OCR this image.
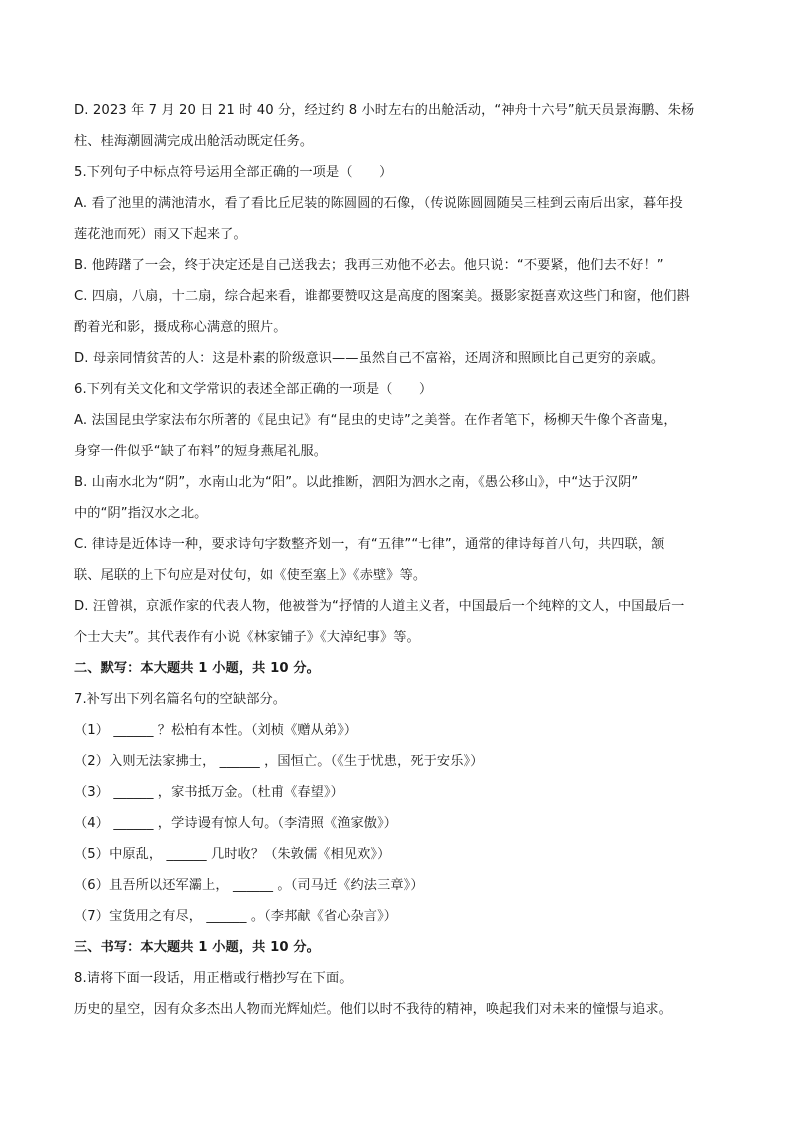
D. 2023 年 7 月 20 日 21 时 40 分，经过约 8 小时左右的出舱活动，“神舟十六号”航天员景海鹏、朱杨
柱、桂海潮圆满完成出舱活动既定任务。
5.下列句子中标点符号运用全部正确的一项是（　　）
A. 看了池里的满池清水，看了看比丘尼装的陈圆圆的石像，（传说陈圆圆随吴三桂到云南后出家，暮年投
莲花池而死）雨又下起来了。
B. 他踌躇了一会，终于决定还是自己送我去；我再三劝他不必去。他只说：“不要紧，他们去不好！”
C. 四扇，八扇，十二扇，综合起来看，谁都要赞叹这是高度的图案美。摄影家挺喜欢这些门和窗，他们斟
酌着光和影，摄成称心满意的照片。
D. 母亲同情贫苦的人：这是朴素的阶级意识——虽然自己不富裕，还周济和照顾比自己更穷的亲戚。
6.下列有关文化和文学常识的表述全部正确的一项是（　　）
A. 法国昆虫学家法布尔所著的《昆虫记》有“昆虫的史诗”之美誉。在作者笔下，杨柳天牛像个吝啬鬼，
身穿一件似乎“缺了布料”的短身燕尾礼服。
B. 山南水北为“阴”，水南山北为“阳”。以此推断，泗阳为泗水之南，《愚公移山》，中“达于汉阴”
中的“阴”指汉水之北。
C. 律诗是近体诗一种，要求诗句字数整齐划一，有“五律”“七律”，通常的律诗每首八句，共四联，颔
联、尾联的上下句应是对仗句，如《使至塞上》《赤壁》等。
D. 汪曾祺，京派作家的代表人物，他被誉为“抒情的人道主义者，中国最后一个纯粹的文人，中国最后一
个士大夫”。其代表作有小说《林家铺子》《大淖纪事》等。
二、默写：本大题共 1 小题，共 10 分。
7.补写出下列名篇名句的空缺部分。
（1） ______ ？松柏有本性。（刘桢《赠从弟》）
（2）入则无法家拂士， ______ ，国恒亡。（《生于忧患，死于安乐》）
（3） ______ ，家书抵万金。（杜甫《春望》）
（4） ______ ，学诗谩有惊人句。（李清照《渔家傲》）
（5）中原乱， ______ 几时收？（朱敦儒《相见欢》）
（6）且吾所以还军灞上， ______ 。（司马迁《约法三章》）
（7）宝货用之有尽， ______ 。（李邦献《省心杂言》）
三、书写：本大题共 1 小题，共 10 分。
8.请将下面一段话，用正楷或行楷抄写在下面。
历史的星空，因有众多杰出人物而光辉灿烂。他们以时不我待的精神，唤起我们对未来的憧憬与追求。
